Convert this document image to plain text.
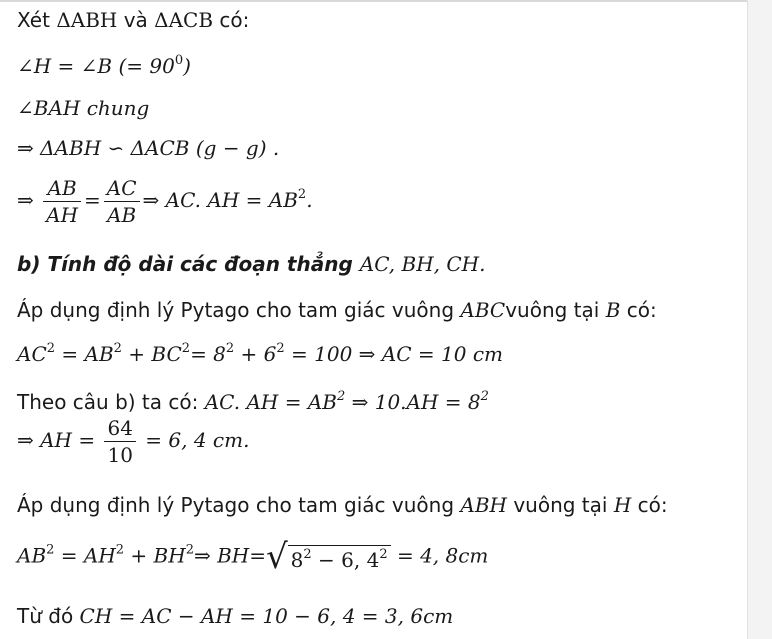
Xét ΔABH và ΔACB có:
∠H = ∠B (= $90^0$)
∠BAH chung
⇒ ΔABH ∽ ΔACB (g − g) .
⇒ $\frac{AB}{AH} = \frac{AC}{AB}$ ⇒ AC. AH = $AB^2$.
b) Tính độ dài các đoạn thẳng AC, BH, CH.
Áp dụng định lý Pytago cho tam giác vuông ABCvuông tại B có:
$AC^2 = AB^2 + BC^2= 8^2 + 6^2 = 100$ ⇒ AC = 10 cm
Theo câu b) ta có: AC. AH = $AB^2$ ⇒ $10.AH = 8^2$
⇒ AH = $\frac{64}{10} = 6$, 4 cm.
Áp dụng định lý Pytago cho tam giác vuông ABH vuông tại H có:
$AB^2 = AH^2$ + $BH^2\Rightarrow$ BH=√ $8^2 - 6$, $4^2 = 4$, 8cm
Từ đó CH = AC − AH = 10 − 6, 4 = 3, 6cm
